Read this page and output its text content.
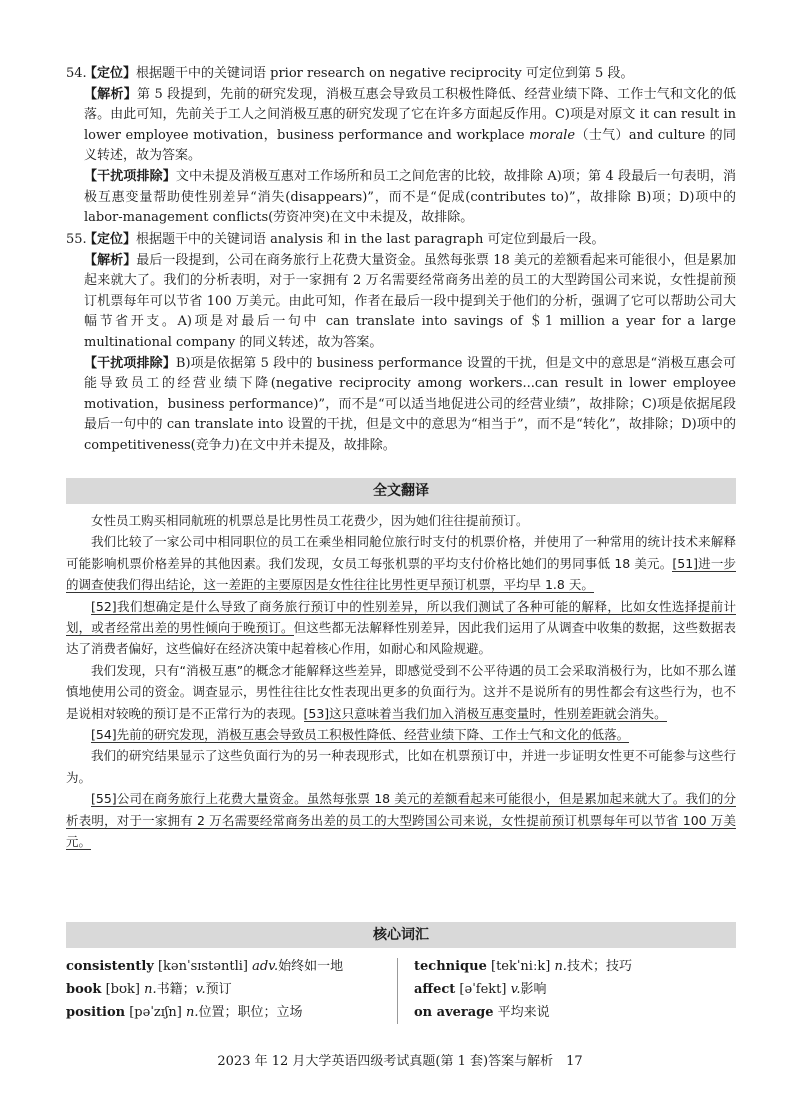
54.

【定位】根据题干中的关键词语 prior research on negative reciprocity 可定位到第 5 段。

【解析】第 5 段提到，先前的研究发现，消极互惠会导致员工积极性降低、经营业绩下降、工作士气和文化的低落。由此可知，先前关于工人之间消极互惠的研究发现了它在许多方面起反作用。C)项是对原文 it can result in lower employee motivation，business performance and workplace morale（士气）and culture 的同义转述，故为答案。

【干扰项排除】文中未提及消极互惠对工作场所和员工之间危害的比较，故排除 A)项；第 4 段最后一句表明，消极互惠变量帮助使性别差异“消失(disappears)”，而不是“促成(contributes to)”，故排除 B)项；D)项中的 labor-management conflicts(劳资冲突)在文中未提及，故排除。

55.

【定位】根据题干中的关键词语 analysis 和 in the last paragraph 可定位到最后一段。

【解析】最后一段提到，公司在商务旅行上花费大量资金。虽然每张票 18 美元的差额看起来可能很小，但是累加起来就大了。我们的分析表明，对于一家拥有 2 万名需要经常商务出差的员工的大型跨国公司来说，女性提前预订机票每年可以节省 100 万美元。由此可知，作者在最后一段中提到关于他们的分析，强调了它可以帮助公司大幅节省开支。A)项是对最后一句中 can translate into savings of ＄1 million a year for a large multinational company 的同义转述，故为答案。

【干扰项排除】B)项是依据第 5 段中的 business performance 设置的干扰，但是文中的意思是“消极互惠会可能导致员工的经营业绩下降(negative reciprocity among workers...can result in lower employee motivation，business performance)”，而不是“可以适当地促进公司的经营业绩”，故排除；C)项是依据尾段最后一句中的 can translate into 设置的干扰，但是文中的意思为“相当于”，而不是“转化”，故排除；D)项中的 competitiveness(竞争力)在文中并未提及，故排除。

全文翻译

女性员工购买相同航班的机票总是比男性员工花费少，因为她们往往提前预订。

我们比较了一家公司中相同职位的员工在乘坐相同舱位旅行时支付的机票价格，并使用了一种常用的统计技术来解释可能影响机票价格差异的其他因素。我们发现，女员工每张机票的平均支付价格比她们的男同事低 18 美元。[51]进一步的调查使我们得出结论，这一差距的主要原因是女性往往比男性更早预订机票，平均早 1.8 天。

[52]我们想确定是什么导致了商务旅行预订中的性别差异，所以我们测试了各种可能的解释，比如女性选择提前计划，或者经常出差的男性倾向于晚预订。但这些都无法解释性别差异，因此我们运用了从调查中收集的数据，这些数据表达了消费者偏好，这些偏好在经济决策中起着核心作用，如耐心和风险规避。

我们发现，只有“消极互惠”的概念才能解释这些差异，即感觉受到不公平待遇的员工会采取消极行为，比如不那么谨慎地使用公司的资金。调查显示，男性往往比女性表现出更多的负面行为。这并不是说所有的男性都会有这些行为，也不是说相对较晚的预订是不正常行为的表现。[53]这只意味着当我们加入消极互惠变量时，性别差距就会消失。

[54]先前的研究发现，消极互惠会导致员工积极性降低、经营业绩下降、工作士气和文化的低落。

我们的研究结果显示了这些负面行为的另一种表现形式，比如在机票预订中，并进一步证明女性更不可能参与这些行为。

[55]公司在商务旅行上花费大量资金。虽然每张票 18 美元的差额看起来可能很小，但是累加起来就大了。我们的分析表明，对于一家拥有 2 万名需要经常商务出差的员工的大型跨国公司来说，女性提前预订机票每年可以节省 100 万美元。

核心词汇
consistently [kənˈsɪstəntli] adv.始终如一地
book [bʊk] n.书籍；v.预订
position [pəˈzɪʃn] n.位置；职位；立场
technique [tekˈniːk] n.技术；技巧
affect [əˈfekt] v.影响
on average 平均来说
2023 年 12 月大学英语四级考试真题(第 1 套)答案与解析　17
